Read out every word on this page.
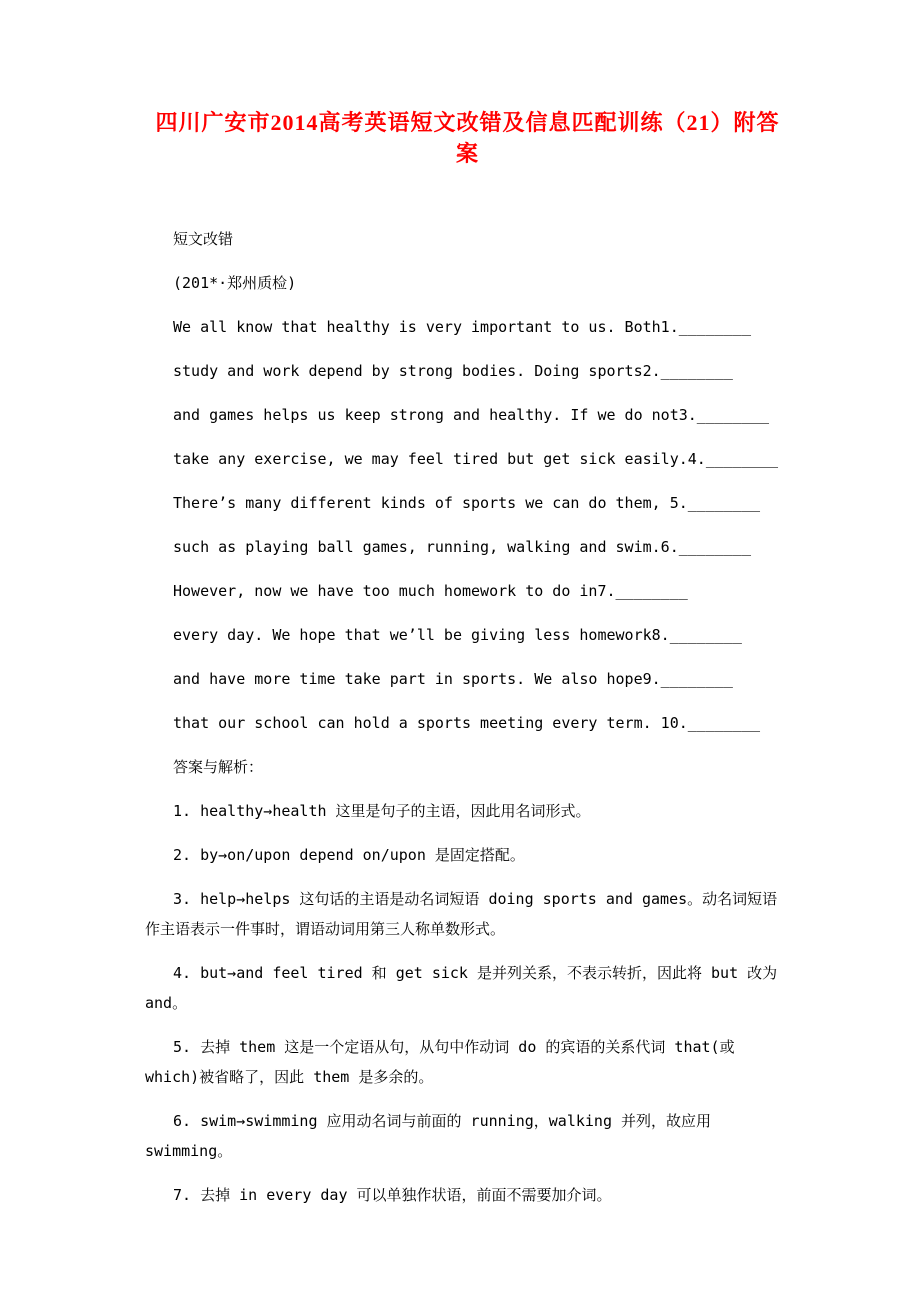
四川广安市2014高考英语短文改错及信息匹配训练（21）附答案

短文改错

(201*·郑州质检)

We all know that healthy is very important to us. Both1.________

study and work depend by strong bodies. Doing sports2.________

and games helps us keep strong and healthy. If we do not3.________

take any exercise, we may feel tired but get sick easily.4.________

There’s many different kinds of sports we can do them, 5.________

such as playing ball games, running, walking and swim.6.________

However, now we have too much homework to do in7.________

every day. We hope that we’ll be giving less homework8.________

and have more time take part in sports. We also hope9.________

that our school can hold a sports meeting every term. 10.________

答案与解析：

1. healthy→health 这里是句子的主语，因此用名词形式。

2. by→on/upon depend on/upon 是固定搭配。

3. help→helps 这句话的主语是动名词短语 doing sports and games。动名词短语作主语表示一件事时，谓语动词用第三人称单数形式。

4. but→and feel tired 和 get sick 是并列关系，不表示转折，因此将 but 改为 and。

5. 去掉 them 这是一个定语从句，从句中作动词 do 的宾语的关系代词 that(或 which)被省略了，因此 them 是多余的。

6. swim→swimming 应用动名词与前面的 running，walking 并列，故应用 swimming。

7. 去掉 in every day 可以单独作状语，前面不需要加介词。
